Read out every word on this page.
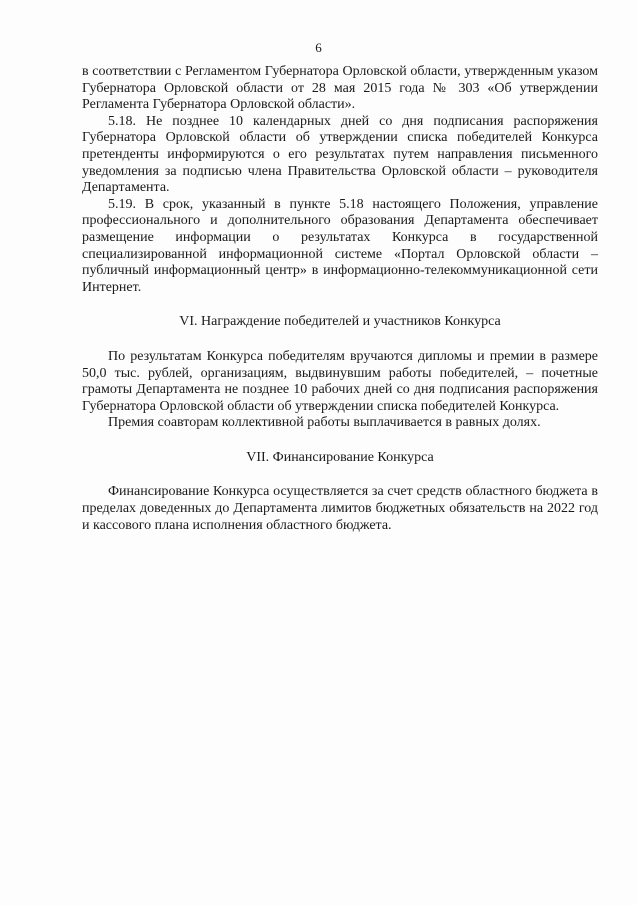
6

в соответствии с Регламентом Губернатора Орловской области, утвержденным указом Губернатора Орловской области от 28 мая 2015 года № 303 «Об утверждении Регламента Губернатора Орловской области».

5.18. Не позднее 10 календарных дней со дня подписания распоряжения Губернатора Орловской области об утверждении списка победителей Конкурса претенденты информируются о его результатах путем направления письменного уведомления за подписью члена Правительства Орловской области – руководителя Департамента.

5.19. В срок, указанный в пункте 5.18 настоящего Положения, управление профессионального и дополнительного образования Департамента обеспечивает размещение информации о результатах Конкурса в государственной специализированной информационной системе «Портал Орловской области – публичный информационный центр» в информационно-телекоммуникационной сети Интернет.

VI. Награждение победителей и участников Конкурса

По результатам Конкурса победителям вручаются дипломы и премии в размере 50,0 тыс. рублей, организациям, выдвинувшим работы победителей, – почетные грамоты Департамента не позднее 10 рабочих дней со дня подписания распоряжения Губернатора Орловской области об утверждении списка победителей Конкурса.

Премия соавторам коллективной работы выплачивается в равных долях.

VII. Финансирование Конкурса

Финансирование Конкурса осуществляется за счет средств областного бюджета в пределах доведенных до Департамента лимитов бюджетных обязательств на 2022 год и кассового плана исполнения областного бюджета.
